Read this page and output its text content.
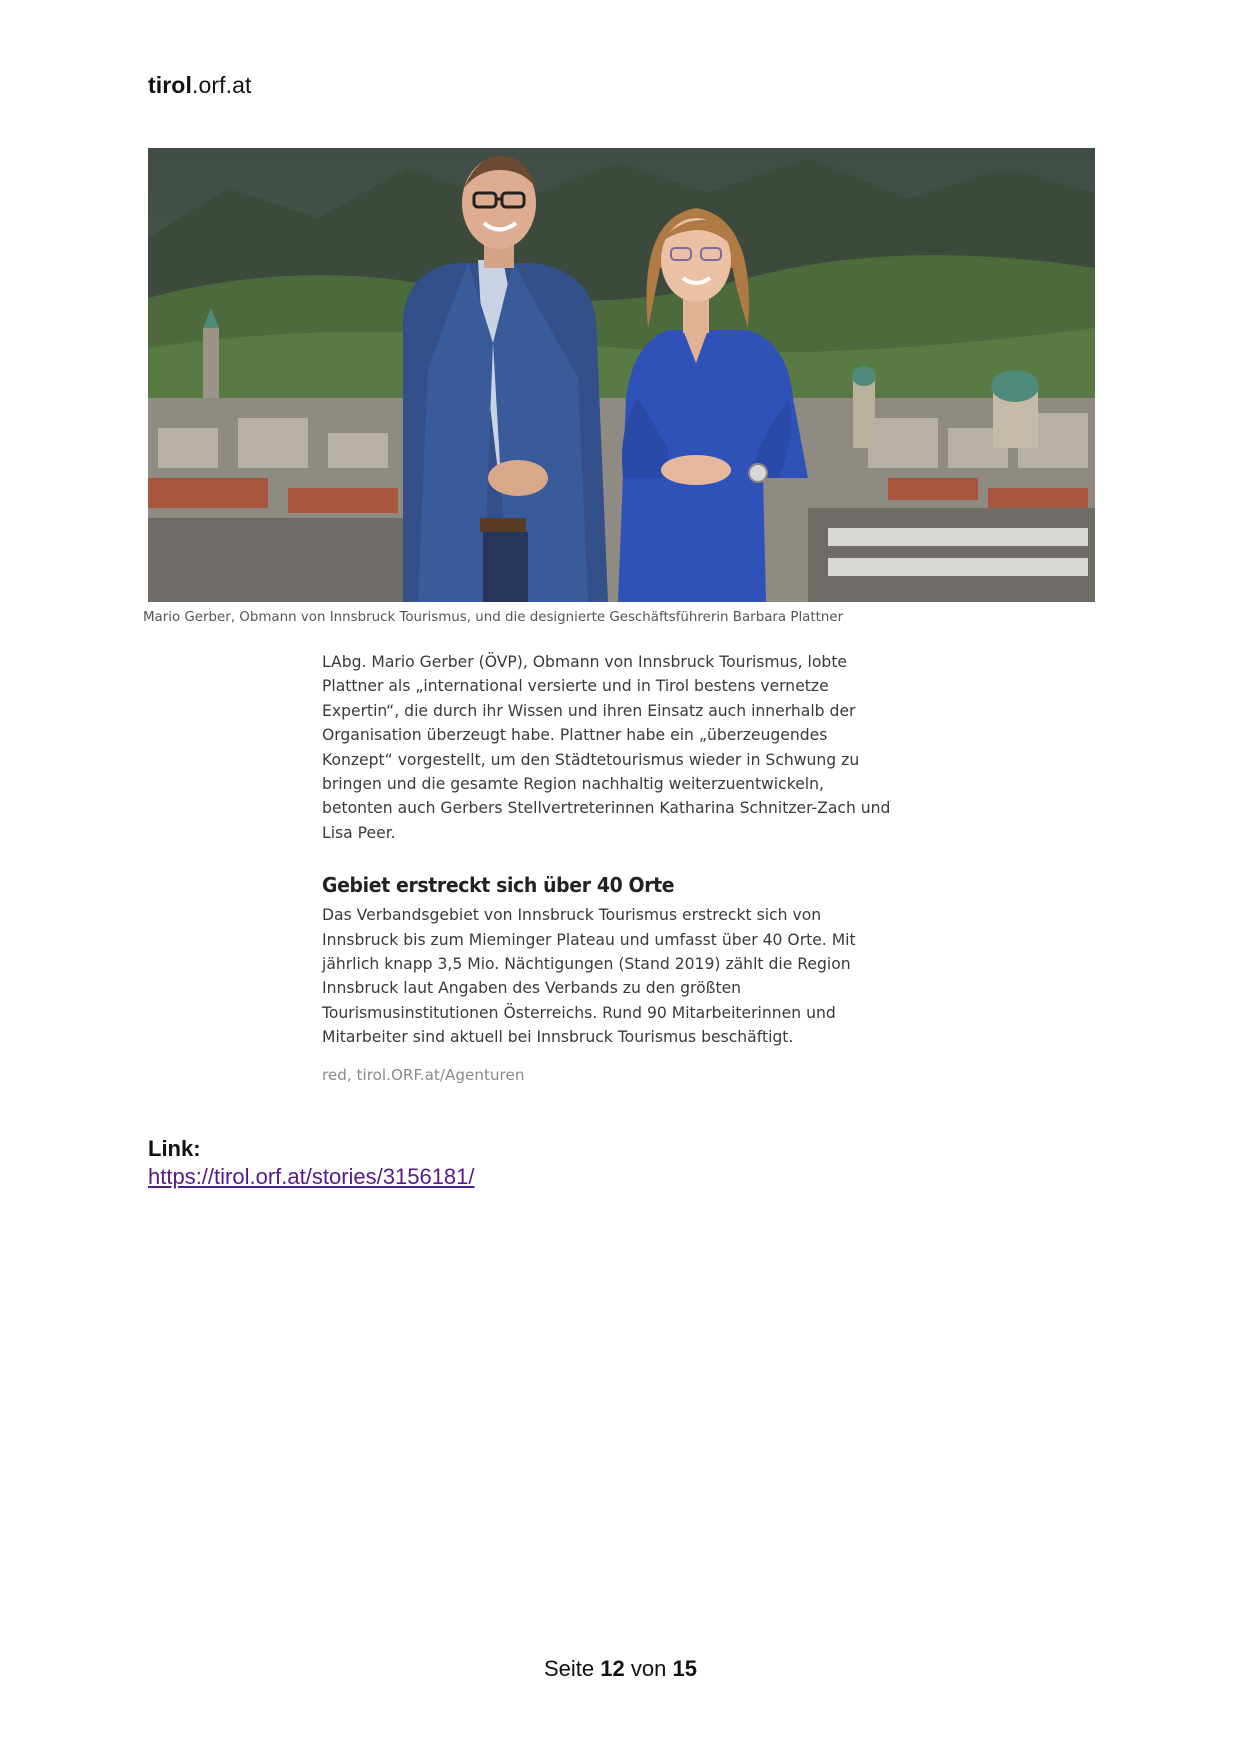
tirol.orf.at
Mario Gerber, Obmann von Innsbruck Tourismus, und die designierte Geschäftsführerin Barbara Plattner

LAbg. Mario Gerber (ÖVP), Obmann von Innsbruck Tourismus, lobte Plattner als „international versierte und in Tirol bestens vernetze Expertin“, die durch ihr Wissen und ihren Einsatz auch innerhalb der Organisation überzeugt habe. Plattner habe ein „überzeugendes Konzept“ vorgestellt, um den Städtetourismus wieder in Schwung zu bringen und die gesamte Region nachhaltig weiterzuentwickeln, betonten auch Gerbers Stellvertreterinnen Katharina Schnitzer-Zach und Lisa Peer.

Gebiet erstreckt sich über 40 Orte

Das Verbandsgebiet von Innsbruck Tourismus erstreckt sich von Innsbruck bis zum Mieminger Plateau und umfasst über 40 Orte. Mit jährlich knapp 3,5 Mio. Nächtigungen (Stand 2019) zählt die Region Innsbruck laut Angaben des Verbands zu den größten Tourismusinstitutionen Österreichs. Rund 90 Mitarbeiterinnen und Mitarbeiter sind aktuell bei Innsbruck Tourismus beschäftigt.

red, tirol.ORF.at/Agenturen
Link:
https://tirol.orf.at/stories/3156181/
Seite 12 von 15
